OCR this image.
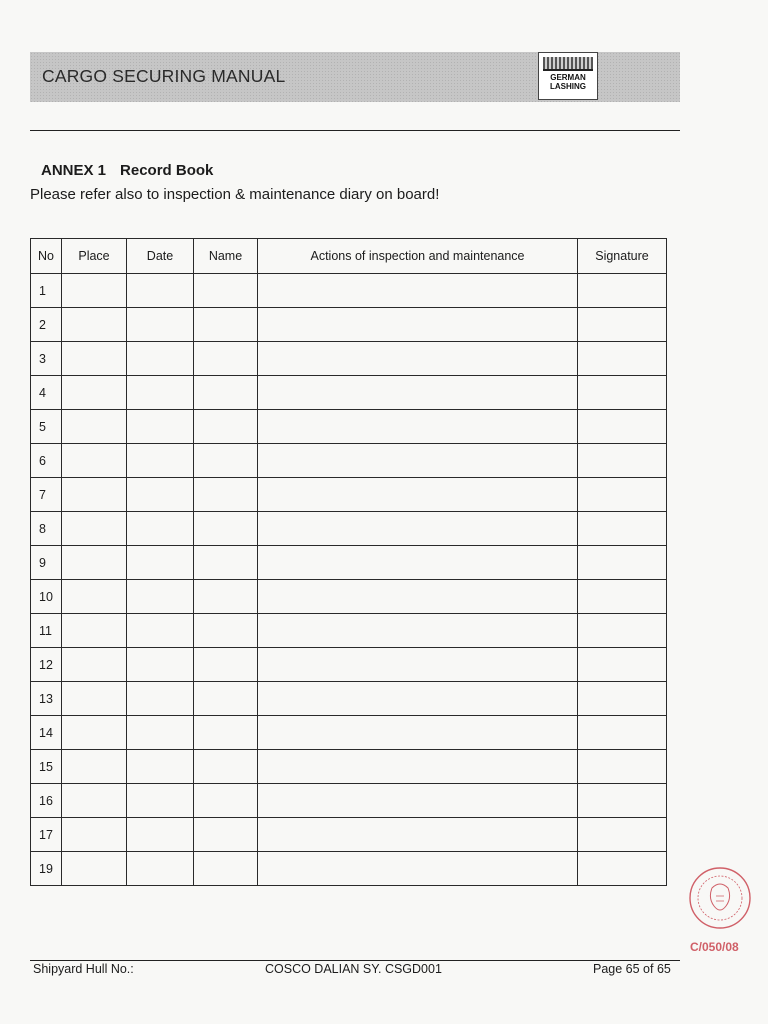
CARGO SECURING MANUAL	GERMAN
LASHING
ANNEX 1 Record Book
Please refer also to inspection & maintenance diary on board!
No	Place	Date	Name	Actions of inspection and maintenance	Signature
1					
2					
3					
4					
5					
6					
7					
8					
9					
10					
11					
12					
13					
14					
15					
16					
17					
19					
Shipyard Hull No.:	COSCO DALIAN SY. CSGD001	Page 65 of 65
C/050/08
